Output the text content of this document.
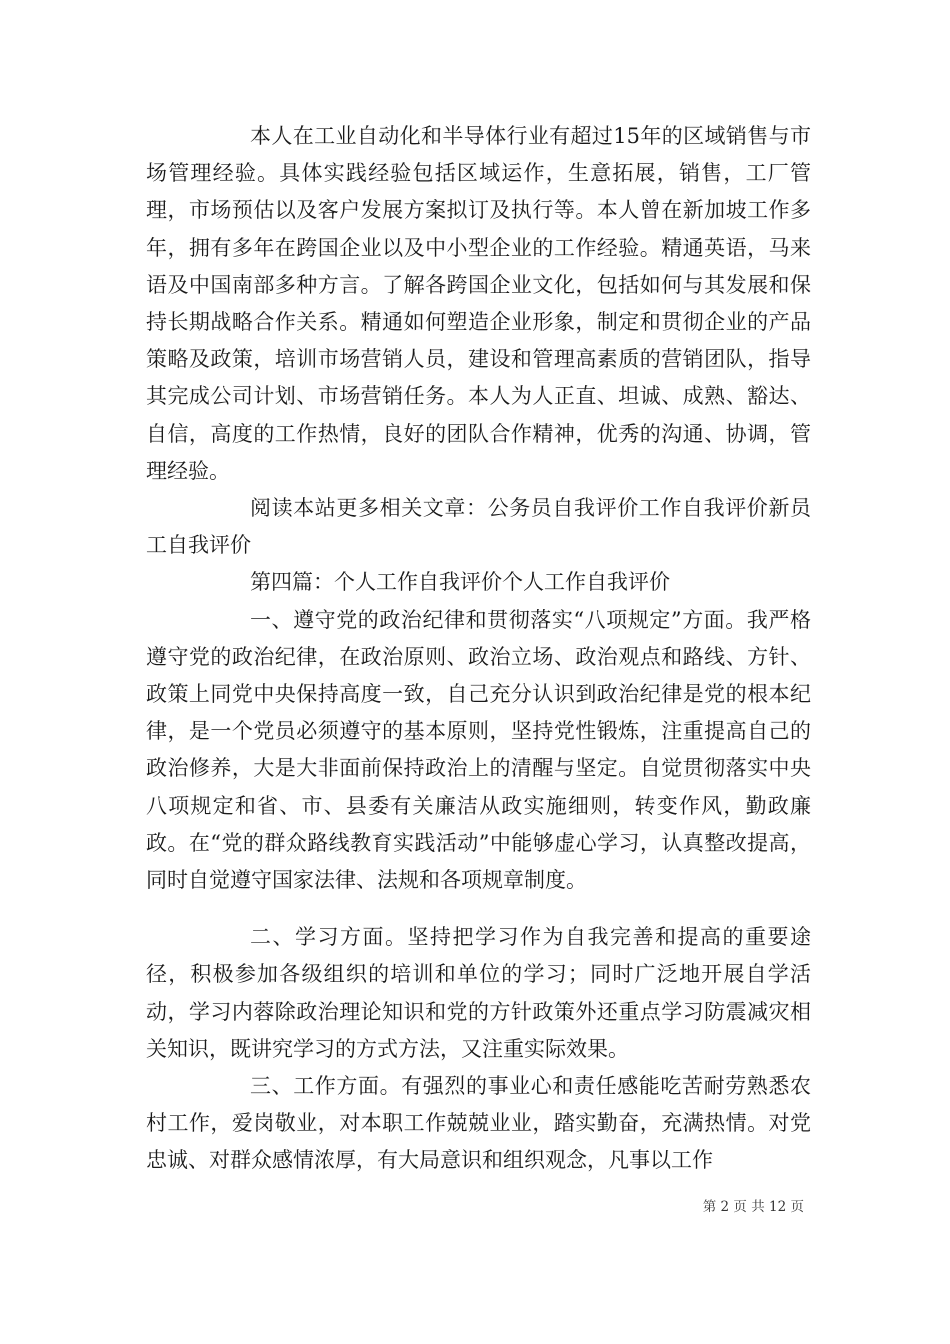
本人在工业自动化和半导体行业有超过15年的区域销售与市场管理经验。具体实践经验包括区域运作，生意拓展，销售，工厂管理，市场预估以及客户发展方案拟订及执行等。本人曾在新加坡工作多年，拥有多年在跨国企业以及中小型企业的工作经验。精通英语，马来语及中国南部多种方言。了解各跨国企业文化，包括如何与其发展和保持长期战略合作关系。精通如何塑造企业形象，制定和贯彻企业的产品策略及政策，培训市场营销人员，建设和管理高素质的营销团队，指导其完成公司计划、市场营销任务。本人为人正直、坦诚、成熟、豁达、自信，高度的工作热情，良好的团队合作精神，优秀的沟通、协调，管理经验。

阅读本站更多相关文章：公务员自我评价工作自我评价新员工自我评价

第四篇：个人工作自我评价个人工作自我评价

一、遵守党的政治纪律和贯彻落实“八项规定”方面。我严格遵守党的政治纪律，在政治原则、政治立场、政治观点和路线、方针、政策上同党中央保持高度一致，自己充分认识到政治纪律是党的根本纪律，是一个党员必须遵守的基本原则，坚持党性锻炼，注重提高自己的政治修养，大是大非面前保持政治上的清醒与坚定。自觉贯彻落实中央八项规定和省、市、县委有关廉洁从政实施细则，转变作风，勤政廉政。在“党的群众路线教育实践活动”中能够虚心学习，认真整改提高，同时自觉遵守国家法律、法规和各项规章制度。

二、学习方面。坚持把学习作为自我完善和提高的重要途径，积极参加各级组织的培训和单位的学习；同时广泛地开展自学活动，学习内蓉除政治理论知识和党的方针政策外还重点学习防震减灾相关知识，既讲究学习的方式方法，又注重实际效果。

三、工作方面。有强烈的事业心和责任感能吃苦耐劳熟悉农村工作，爱岗敬业，对本职工作兢兢业业，踏实勤奋，充满热情。对党忠诚、对群众感情浓厚，有大局意识和组织观念，凡事以工作

第 2 页 共 12 页
